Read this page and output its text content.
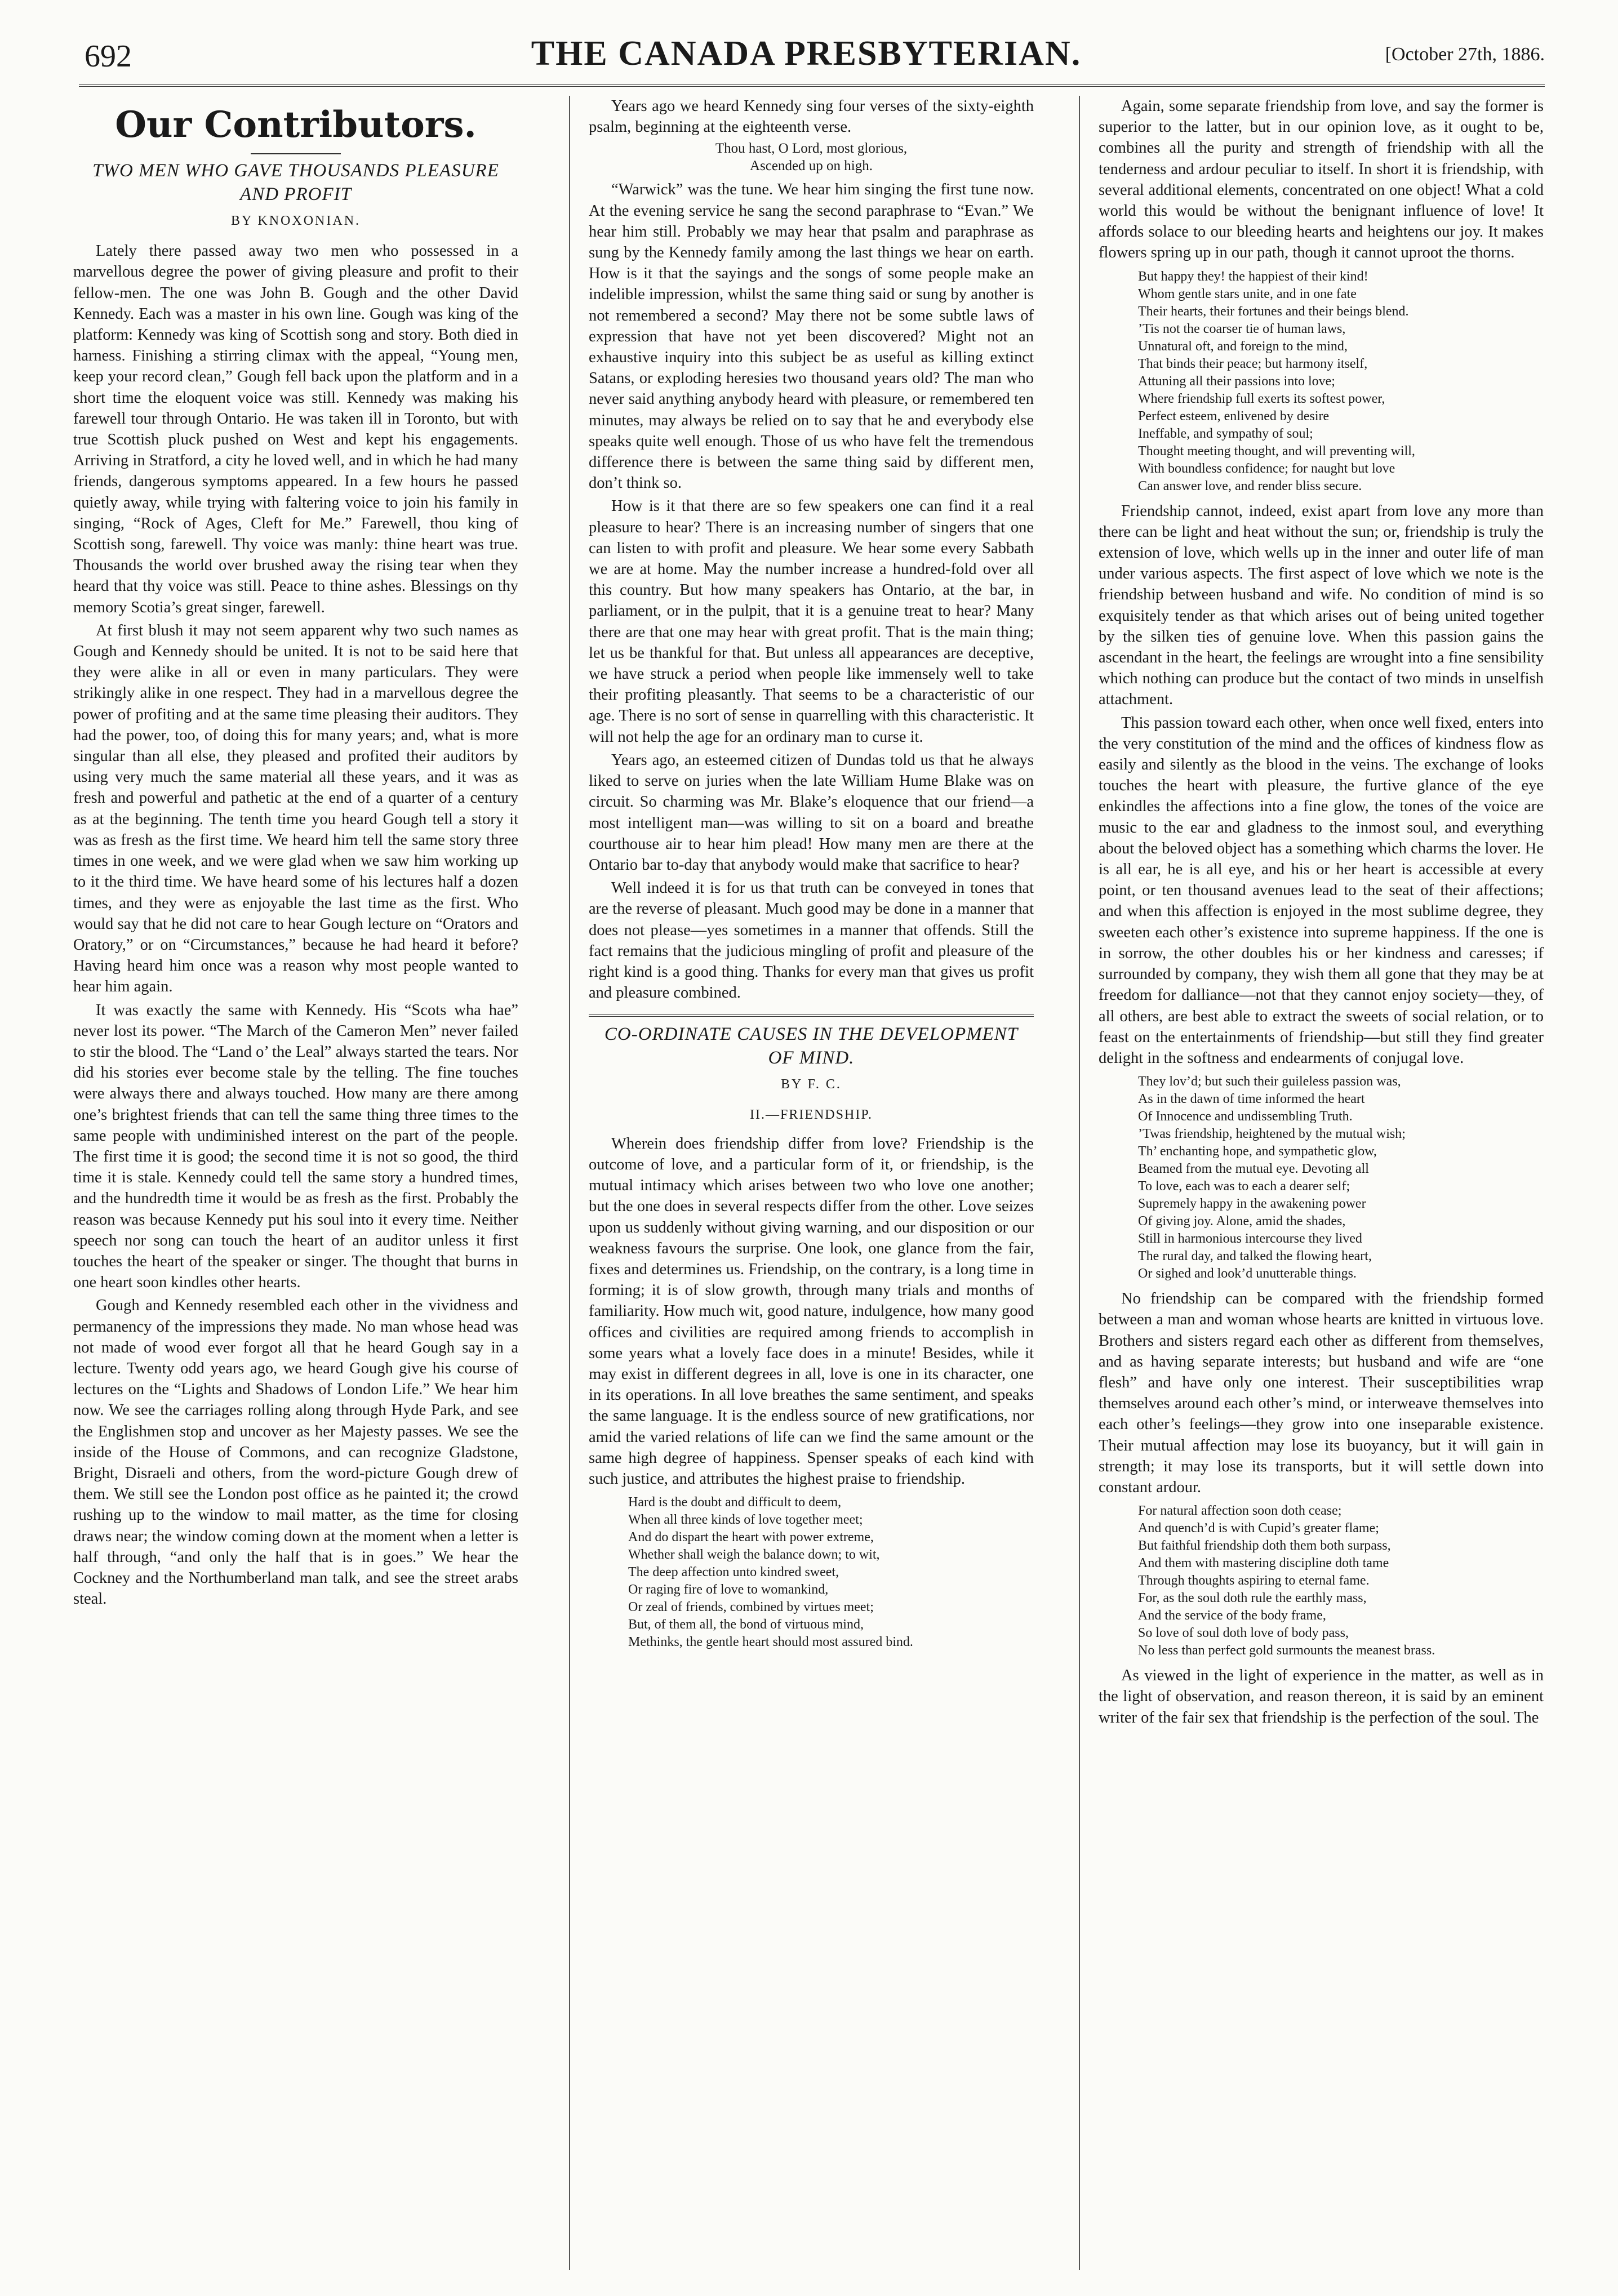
692	THE CANADA PRESBYTERIAN.	[October 27th, 1886.
Our Contributors.
TWO MEN WHO GAVE THOUSANDS PLEASURE AND PROFIT
BY KNOXONIAN.

Lately there passed away two men who possessed in a marvellous degree the power of giving pleasure and profit to their fellow-men. The one was John B. Gough and the other David Kennedy. Each was a master in his own line. Gough was king of the platform: Kennedy was king of Scottish song and story. Both died in harness. Finishing a stirring climax with the appeal, “Young men, keep your record clean,” Gough fell back upon the platform and in a short time the eloquent voice was still. Kennedy was making his farewell tour through Ontario. He was taken ill in Toronto, but with true Scottish pluck pushed on West and kept his engagements. Arriving in Stratford, a city he loved well, and in which he had many friends, dangerous symptoms appeared. In a few hours he passed quietly away, while trying with faltering voice to join his family in singing, “Rock of Ages, Cleft for Me.” Farewell, thou king of Scottish song, farewell. Thy voice was manly: thine heart was true. Thousands the world over brushed away the rising tear when they heard that thy voice was still. Peace to thine ashes. Blessings on thy memory Scotia’s great singer, farewell.

At first blush it may not seem apparent why two such names as Gough and Kennedy should be united. It is not to be said here that they were alike in all or even in many particulars. They were strikingly alike in one respect. They had in a marvellous degree the power of profiting and at the same time pleasing their auditors. They had the power, too, of doing this for many years; and, what is more singular than all else, they pleased and profited their auditors by using very much the same material all these years, and it was as fresh and powerful and pathetic at the end of a quarter of a century as at the beginning. The tenth time you heard Gough tell a story it was as fresh as the first time. We heard him tell the same story three times in one week, and we were glad when we saw him working up to it the third time. We have heard some of his lectures half a dozen times, and they were as enjoyable the last time as the first. Who would say that he did not care to hear Gough lecture on “Orators and Oratory,” or on “Circumstances,” because he had heard it before? Having heard him once was a reason why most people wanted to hear him again.

It was exactly the same with Kennedy. His “Scots wha hae” never lost its power. “The March of the Cameron Men” never failed to stir the blood. The “Land o’ the Leal” always started the tears. Nor did his stories ever become stale by the telling. The fine touches were always there and always touched. How many are there among one’s brightest friends that can tell the same thing three times to the same people with undiminished interest on the part of the people. The first time it is good; the second time it is not so good, the third time it is stale. Kennedy could tell the same story a hundred times, and the hundredth time it would be as fresh as the first. Probably the reason was because Kennedy put his soul into it every time. Neither speech nor song can touch the heart of an auditor unless it first touches the heart of the speaker or singer. The thought that burns in one heart soon kindles other hearts.

Gough and Kennedy resembled each other in the vividness and permanency of the impressions they made. No man whose head was not made of wood ever forgot all that he heard Gough say in a lecture. Twenty odd years ago, we heard Gough give his course of lectures on the “Lights and Shadows of London Life.” We hear him now. We see the carriages rolling along through Hyde Park, and see the Englishmen stop and uncover as her Majesty passes. We see the inside of the House of Commons, and can recognize Gladstone, Bright, Disraeli and others, from the word-picture Gough drew of them. We still see the London post office as he painted it; the crowd rushing up to the window to mail matter, as the time for closing draws near; the window coming down at the moment when a letter is half through, “and only the half that is in goes.” We hear the Cockney and the Northumberland man talk, and see the street arabs steal.

Years ago we heard Kennedy sing four verses of the sixty-eighth psalm, beginning at the eighteenth verse.

Thou hast, O Lord, most glorious,
Ascended up on high.

“Warwick” was the tune. We hear him singing the first tune now. At the evening service he sang the second paraphrase to “Evan.” We hear him still. Probably we may hear that psalm and paraphrase as sung by the Kennedy family among the last things we hear on earth. How is it that the sayings and the songs of some people make an indelible impression, whilst the same thing said or sung by another is not remembered a second? May there not be some subtle laws of expression that have not yet been discovered? Might not an exhaustive inquiry into this subject be as useful as killing extinct Satans, or exploding heresies two thousand years old? The man who never said anything anybody heard with pleasure, or remembered ten minutes, may always be relied on to say that he and everybody else speaks quite well enough. Those of us who have felt the tremendous difference there is between the same thing said by different men, don’t think so.

How is it that there are so few speakers one can find it a real pleasure to hear? There is an increasing number of singers that one can listen to with profit and pleasure. We hear some every Sabbath we are at home. May the number increase a hundred-fold over all this country. But how many speakers has Ontario, at the bar, in parliament, or in the pulpit, that it is a genuine treat to hear? Many there are that one may hear with great profit. That is the main thing; let us be thankful for that. But unless all appearances are deceptive, we have struck a period when people like immensely well to take their profiting pleasantly. That seems to be a characteristic of our age. There is no sort of sense in quarrelling with this characteristic. It will not help the age for an ordinary man to curse it.

Years ago, an esteemed citizen of Dundas told us that he always liked to serve on juries when the late William Hume Blake was on circuit. So charming was Mr. Blake’s eloquence that our friend—a most intelligent man—was willing to sit on a board and breathe courthouse air to hear him plead! How many men are there at the Ontario bar to-day that anybody would make that sacrifice to hear?

Well indeed it is for us that truth can be conveyed in tones that are the reverse of pleasant. Much good may be done in a manner that does not please—yes sometimes in a manner that offends. Still the fact remains that the judicious mingling of profit and pleasure of the right kind is a good thing. Thanks for every man that gives us profit and pleasure combined.

CO-ORDINATE CAUSES IN THE DEVELOPMENT OF MIND.
BY F. C.
II.—FRIENDSHIP.

Wherein does friendship differ from love? Friendship is the outcome of love, and a particular form of it, or friendship, is the mutual intimacy which arises between two who love one another; but the one does in several respects differ from the other. Love seizes upon us suddenly without giving warning, and our disposition or our weakness favours the surprise. One look, one glance from the fair, fixes and determines us. Friendship, on the contrary, is a long time in forming; it is of slow growth, through many trials and months of familiarity. How much wit, good nature, indulgence, how many good offices and civilities are required among friends to accomplish in some years what a lovely face does in a minute! Besides, while it may exist in different degrees in all, love is one in its character, one in its operations. In all love breathes the same sentiment, and speaks the same language. It is the endless source of new gratifications, nor amid the varied relations of life can we find the same amount or the same high degree of happiness. Spenser speaks of each kind with such justice, and attributes the highest praise to friendship.

Hard is the doubt and difficult to deem,
When all three kinds of love together meet;
And do dispart the heart with power extreme,
Whether shall weigh the balance down; to wit,
The deep affection unto kindred sweet,
Or raging fire of love to womankind,
Or zeal of friends, combined by virtues meet;
But, of them all, the bond of virtuous mind,
Methinks, the gentle heart should most assured bind.

Again, some separate friendship from love, and say the former is superior to the latter, but in our opinion love, as it ought to be, combines all the purity and strength of friendship with all the tenderness and ardour peculiar to itself. In short it is friendship, with several additional elements, concentrated on one object! What a cold world this would be without the benignant influence of love! It affords solace to our bleeding hearts and heightens our joy. It makes flowers spring up in our path, though it cannot uproot the thorns.

But happy they! the happiest of their kind!
Whom gentle stars unite, and in one fate
Their hearts, their fortunes and their beings blend.
’Tis not the coarser tie of human laws,
Unnatural oft, and foreign to the mind,
That binds their peace; but harmony itself,
Attuning all their passions into love;
Where friendship full exerts its softest power,
Perfect esteem, enlivened by desire
Ineffable, and sympathy of soul;
Thought meeting thought, and will preventing will,
With boundless confidence; for naught but love
Can answer love, and render bliss secure.

Friendship cannot, indeed, exist apart from love any more than there can be light and heat without the sun; or, friendship is truly the extension of love, which wells up in the inner and outer life of man under various aspects. The first aspect of love which we note is the friendship between husband and wife. No condition of mind is so exquisitely tender as that which arises out of being united together by the silken ties of genuine love. When this passion gains the ascendant in the heart, the feelings are wrought into a fine sensibility which nothing can produce but the contact of two minds in unselfish attachment.

This passion toward each other, when once well fixed, enters into the very constitution of the mind and the offices of kindness flow as easily and silently as the blood in the veins. The exchange of looks touches the heart with pleasure, the furtive glance of the eye enkindles the affections into a fine glow, the tones of the voice are music to the ear and gladness to the inmost soul, and everything about the beloved object has a something which charms the lover. He is all ear, he is all eye, and his or her heart is accessible at every point, or ten thousand avenues lead to the seat of their affections; and when this affection is enjoyed in the most sublime degree, they sweeten each other’s existence into supreme happiness. If the one is in sorrow, the other doubles his or her kindness and caresses; if surrounded by company, they wish them all gone that they may be at freedom for dalliance—not that they cannot enjoy society—they, of all others, are best able to extract the sweets of social relation, or to feast on the entertainments of friendship—but still they find greater delight in the softness and endearments of conjugal love.

They lov’d; but such their guileless passion was,
As in the dawn of time informed the heart
Of Innocence and undissembling Truth.
’Twas friendship, heightened by the mutual wish;
Th’ enchanting hope, and sympathetic glow,
Beamed from the mutual eye. Devoting all
To love, each was to each a dearer self;
Supremely happy in the awakening power
Of giving joy. Alone, amid the shades,
Still in harmonious intercourse they lived
The rural day, and talked the flowing heart,
Or sighed and look’d unutterable things.

No friendship can be compared with the friendship formed between a man and woman whose hearts are knitted in virtuous love. Brothers and sisters regard each other as different from themselves, and as having separate interests; but husband and wife are “one flesh” and have only one interest. Their susceptibilities wrap themselves around each other’s mind, or interweave themselves into each other’s feelings—they grow into one inseparable existence. Their mutual affection may lose its buoyancy, but it will gain in strength; it may lose its transports, but it will settle down into constant ardour.

For natural affection soon doth cease;
And quench’d is with Cupid’s greater flame;
But faithful friendship doth them both surpass,
And them with mastering discipline doth tame
Through thoughts aspiring to eternal fame.
For, as the soul doth rule the earthly mass,
And the service of the body frame,
So love of soul doth love of body pass,
No less than perfect gold surmounts the meanest brass.

As viewed in the light of experience in the matter, as well as in the light of observation, and reason thereon, it is said by an eminent writer of the fair sex that friendship is the perfection of the soul. The
